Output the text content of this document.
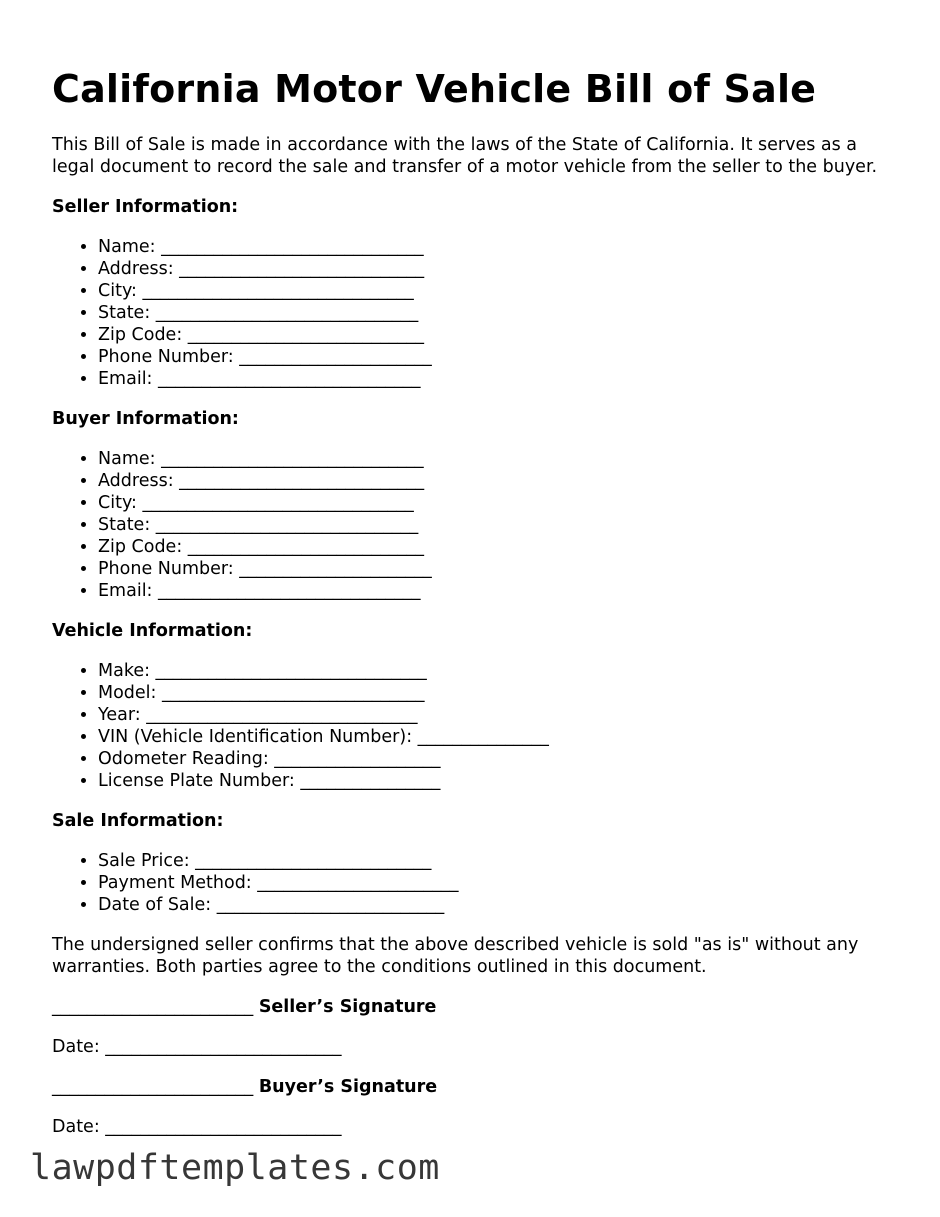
California Motor Vehicle Bill of Sale

This Bill of Sale is made in accordance with the laws of the State of California. It serves as a legal document to record the sale and transfer of a motor vehicle from the seller to the buyer.

Seller Information:
• Name: ______________________________
• Address: ____________________________
• City: _______________________________
• State: ______________________________
• Zip Code: ___________________________
• Phone Number: ______________________
• Email: ______________________________
Buyer Information:
• Name: ______________________________
• Address: ____________________________
• City: _______________________________
• State: ______________________________
• Zip Code: ___________________________
• Phone Number: ______________________
• Email: ______________________________
Vehicle Information:
• Make: _______________________________
• Model: ______________________________
• Year: _______________________________
• VIN (Vehicle Identification Number): _______________
• Odometer Reading: ___________________
• License Plate Number: ________________
Sale Information:
• Sale Price: ___________________________
• Payment Method: _______________________
• Date of Sale: __________________________

The undersigned seller confirms that the above described vehicle is sold "as is" without any warranties. Both parties agree to the conditions outlined in this document.

_______________________ Seller’s Signature

Date: ___________________________

_______________________ Buyer’s Signature

Date: ___________________________

lawpdftemplates.com
